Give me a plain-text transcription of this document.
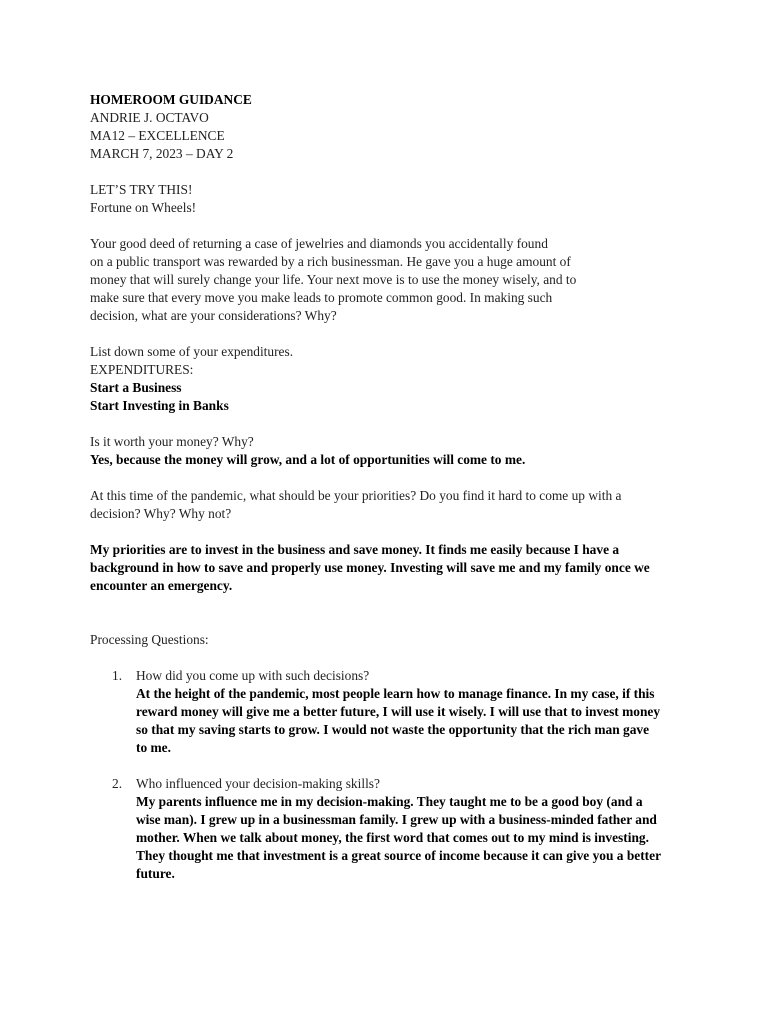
HOMEROOM GUIDANCE
ANDRIE J. OCTAVO
MA12 – EXCELLENCE
MARCH 7, 2023 – DAY 2
LET’S TRY THIS!
Fortune on Wheels!
Your good deed of returning a case of jewelries and diamonds you accidentally found
on a public transport was rewarded by a rich businessman. He gave you a huge amount of
money that will surely change your life. Your next move is to use the money wisely, and to
make sure that every move you make leads to promote common good. In making such
decision, what are your considerations? Why?
List down some of your expenditures.
EXPENDITURES:
Start a Business
Start Investing in Banks
Is it worth your money? Why?
Yes, because the money will grow, and a lot of opportunities will come to me.
At this time of the pandemic, what should be your priorities? Do you find it hard to come up with a
decision? Why? Why not?
My priorities are to invest in the business and save money. It finds me easily because I have a
background in how to save and properly use money. Investing will save me and my family once we
encounter an emergency.
Processing Questions:
1. How did you come up with such decisions?
At the height of the pandemic, most people learn how to manage finance. In my case, if this
reward money will give me a better future, I will use it wisely. I will use that to invest money
so that my saving starts to grow. I would not waste the opportunity that the rich man gave
to me.
2. Who influenced your decision-making skills?
My parents influence me in my decision-making. They taught me to be a good boy (and a
wise man). I grew up in a businessman family. I grew up with a business-minded father and
mother. When we talk about money, the first word that comes out to my mind is investing.
They thought me that investment is a great source of income because it can give you a better
future.
